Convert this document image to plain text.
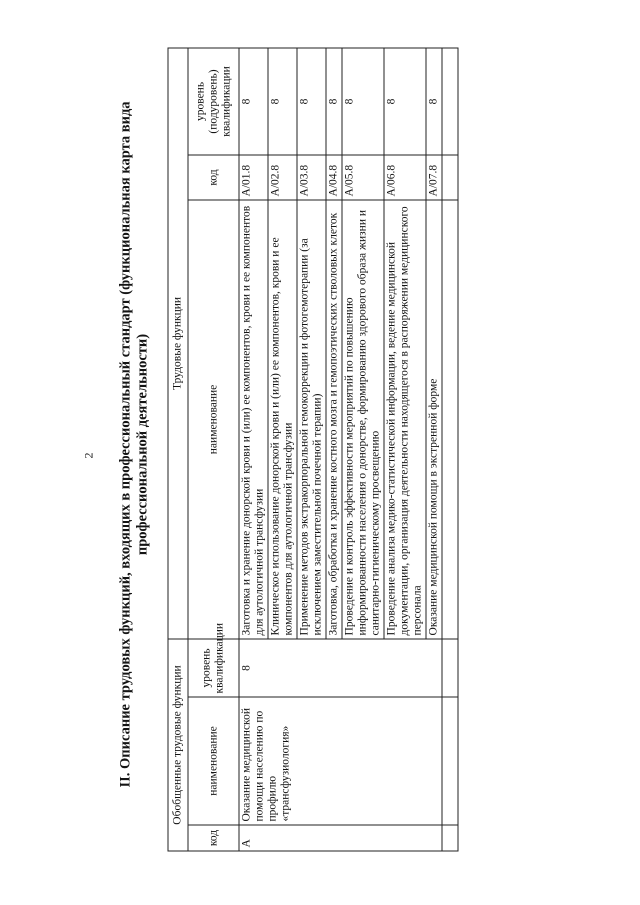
2 II. Описание трудовых функций, входящих в профессиональный стандарт (функциональная карта вида профессиональной деятельности)
Обобщенные трудовые функции			Трудовые функции		
код	наименование	уровень квалификации	наименование	код	уровень (подуровень) квалификации
A	Оказание медицинской помощи населению по профилю «трансфузиология»	8	Заготовка и хранение донорской крови и (или) ее компонентов, крови и ее компонентов для аутологичной трансфузии	A/01.8	8
			Клиническое использование донорской крови и (или) ее компонентов, крови и ее компонентов для аутологичной трансфузии	A/02.8	8
			Применение методов экстракорпоральной гемокоррекции и фотогемотерапии (за исключением заместительной почечной терапии)	A/03.8	8
			Заготовка, обработка и хранение костного мозга и гемопоэтических стволовых клеток	A/04.8	8
			Проведение и контроль эффективности мероприятий по повышению информированности населения о донорстве, формированию здорового образа жизни и санитарно-гигиеническому просвещению	A/05.8	8
			Проведение анализа медико-статистической информации, ведение медицинской документации, организация деятельности находящегося в распоряжении медицинского персонала	A/06.8	8
			Оказание медицинской помощи в экстренной форме	A/07.8	8
